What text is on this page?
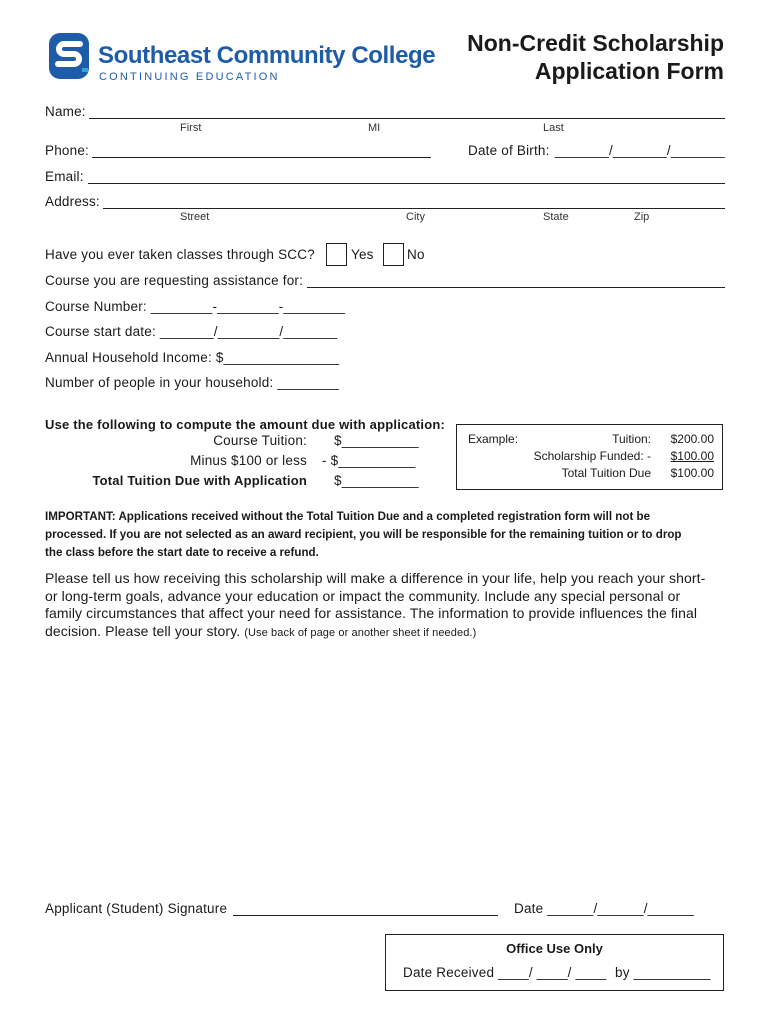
Southeast Community College
CONTINUING EDUCATION
Non-Credit Scholarship
Application Form
Name:
First	MI	Last
Phone:	Date of Birth: _______/_______/_______
Email:
Address:
Street	City	State	Zip
Have you ever taken classes through SCC?	Yes No
Course you are requesting assistance for:
Course Number: ________-________-________
Course start date: _______/________/_______
Annual Household Income: $_______________
Number of people in your household: ________
Use the following to compute the amount due with application:
Course Tuition: $__________
Minus $100 or less - $__________
Total Tuition Due with Application $__________
Example:	Tuition: $200.00
Scholarship Funded: - $100.00
Total Tuition Due $100.00
IMPORTANT: Applications received without the Total Tuition Due and a completed registration form will not be
processed. If you are not selected as an award recipient, you will be responsible for the remaining tuition or to drop
the class before the start date to receive a refund.
Please tell us how receiving this scholarship will make a difference in your life, help you reach your short-
or long-term goals, advance your education or impact the community. Include any special personal or
family circumstances that affect your need for assistance. The information to provide influences the final
decision. Please tell your story. (Use back of page or another sheet if needed.)
Applicant (Student) Signature	Date ______/______/______
Office Use Only
Date Received ____/ ____/ ____ by __________
